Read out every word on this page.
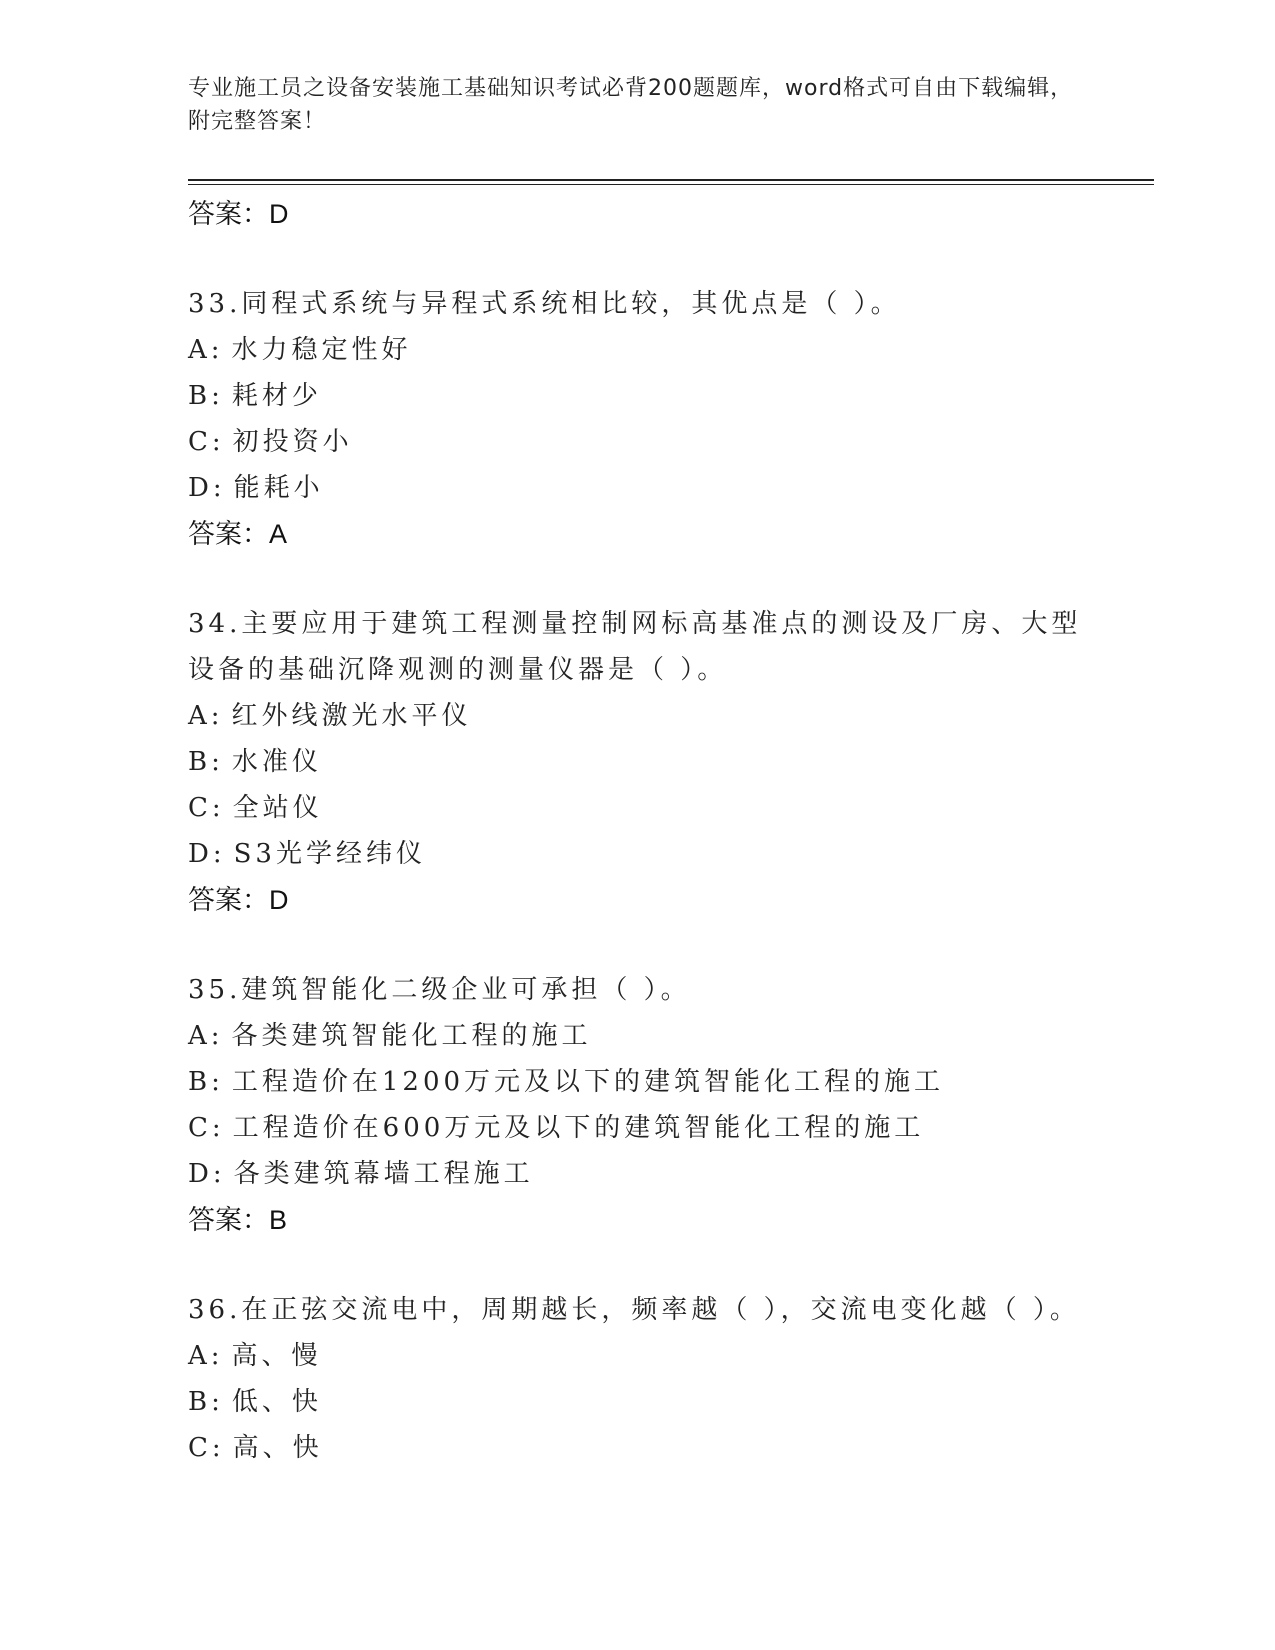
专业施工员之设备安装施工基础知识考试必背200题题库，word格式可自由下载编辑，附完整答案！
答案：D
33.同程式系统与异程式系统相比较，其优点是（ ）。
A: 水力稳定性好
B: 耗材少
C: 初投资小
D: 能耗小
答案：A
34.主要应用于建筑工程测量控制网标高基准点的测设及厂房、大型设备的基础沉降观测的测量仪器是（ ）。
A: 红外线激光水平仪
B: 水准仪
C: 全站仪
D: S3光学经纬仪
答案：D
35.建筑智能化二级企业可承担（ ）。
A: 各类建筑智能化工程的施工
B: 工程造价在1200万元及以下的建筑智能化工程的施工
C: 工程造价在600万元及以下的建筑智能化工程的施工
D: 各类建筑幕墙工程施工
答案：B
36.在正弦交流电中，周期越长，频率越（ ），交流电变化越（ ）。
A: 高、慢
B: 低、快
C: 高、快
